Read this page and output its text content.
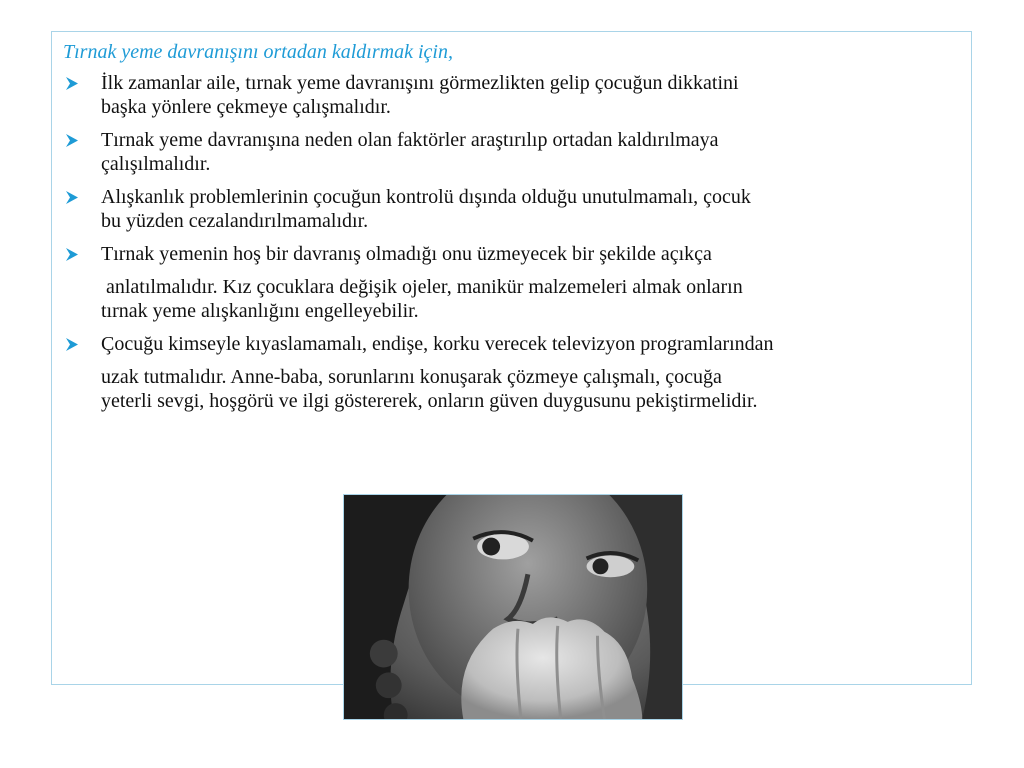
Tırnak yeme davranışını ortadan kaldırmak için,
İlk zamanlar aile, tırnak yeme davranışını görmezlikten gelip çocuğun dikkatini
başka yönlere çekmeye çalışmalıdır.
Tırnak yeme davranışına neden olan faktörler araştırılıp ortadan kaldırılmaya
çalışılmalıdır.
Alışkanlık problemlerinin çocuğun kontrolü dışında olduğu unutulmamalı, çocuk
bu yüzden cezalandırılmamalıdır.
Tırnak yemenin hoş bir davranış olmadığı onu üzmeyecek bir şekilde açıkça
anlatılmalıdır. Kız çocuklara değişik ojeler, manikür malzemeleri almak onların
tırnak yeme alışkanlığını engelleyebilir.
Çocuğu kimseyle kıyaslamamalı, endişe, korku verecek televizyon programlarından
uzak tutmalıdır. Anne-baba, sorunlarını konuşarak çözmeye çalışmalı, çocuğa
yeterli sevgi, hoşgörü ve ilgi göstererek, onların güven duygusunu pekiştirmelidir.
